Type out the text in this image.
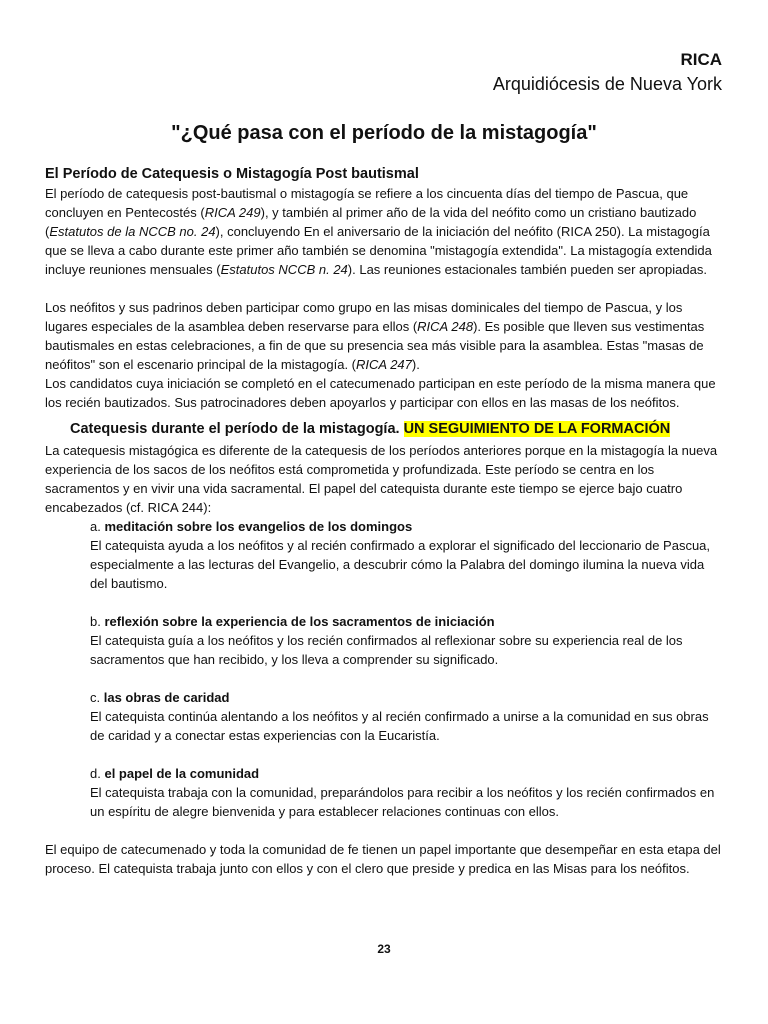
RICA
Arquidiócesis de Nueva York
"¿Qué pasa con el período de la mistagogía"
El Período de Catequesis o Mistagogía Post bautismal

El período de catequesis post-bautismal o mistagogía se refiere a los cincuenta días del tiempo de Pascua, que concluyen en Pentecostés (RICA 249), y también al primer año de la vida del neófito como un cristiano bautizado (Estatutos de la NCCB no. 24), concluyendo En el aniversario de la iniciación del neófito (RICA 250). La mistagogía que se lleva a cabo durante este primer año también se denomina "mistagogía extendida". La mistagogía extendida incluye reuniones mensuales (Estatutos NCCB n. 24). Las reuniones estacionales también pueden ser apropiadas.

Los neófitos y sus padrinos deben participar como grupo en las misas dominicales del tiempo de Pascua, y los lugares especiales de la asamblea deben reservarse para ellos (RICA 248). Es posible que lleven sus vestimentas bautismales en estas celebraciones, a fin de que su presencia sea más visible para la asamblea. Estas "masas de neófitos" son el escenario principal de la mistagogía. (RICA 247).

Los candidatos cuya iniciación se completó en el catecumenado participan en este período de la misma manera que los recién bautizados. Sus patrocinadores deben apoyarlos y participar con ellos en las masas de los neófitos.

Catequesis durante el período de la mistagogía. UN SEGUIMIENTO DE LA FORMACIÓN

La catequesis mistagógica es diferente de la catequesis de los períodos anteriores porque en la mistagogía la nueva experiencia de los sacos de los neófitos está comprometida y profundizada. Este período se centra en los sacramentos y en vivir una vida sacramental. El papel del catequista durante este tiempo se ejerce bajo cuatro encabezados (cf. RICA 244):

a. meditación sobre los evangelios de los domingos
El catequista ayuda a los neófitos y al recién confirmado a explorar el significado del leccionario de Pascua, especialmente a las lecturas del Evangelio, a descubrir cómo la Palabra del domingo ilumina la nueva vida del bautismo.
b. reflexión sobre la experiencia de los sacramentos de iniciación
El catequista guía a los neófitos y los recién confirmados al reflexionar sobre su experiencia real de los sacramentos que han recibido, y los lleva a comprender su significado.
c. las obras de caridad
El catequista continúa alentando a los neófitos y al recién confirmado a unirse a la comunidad en sus obras de caridad y a conectar estas experiencias con la Eucaristía.
d. el papel de la comunidad
El catequista trabaja con la comunidad, preparándolos para recibir a los neófitos y los recién confirmados en un espíritu de alegre bienvenida y para establecer relaciones continuas con ellos.

El equipo de catecumenado y toda la comunidad de fe tienen un papel importante que desempeñar en esta etapa del proceso. El catequista trabaja junto con ellos y con el clero que preside y predica en las Misas para los neófitos.

23
